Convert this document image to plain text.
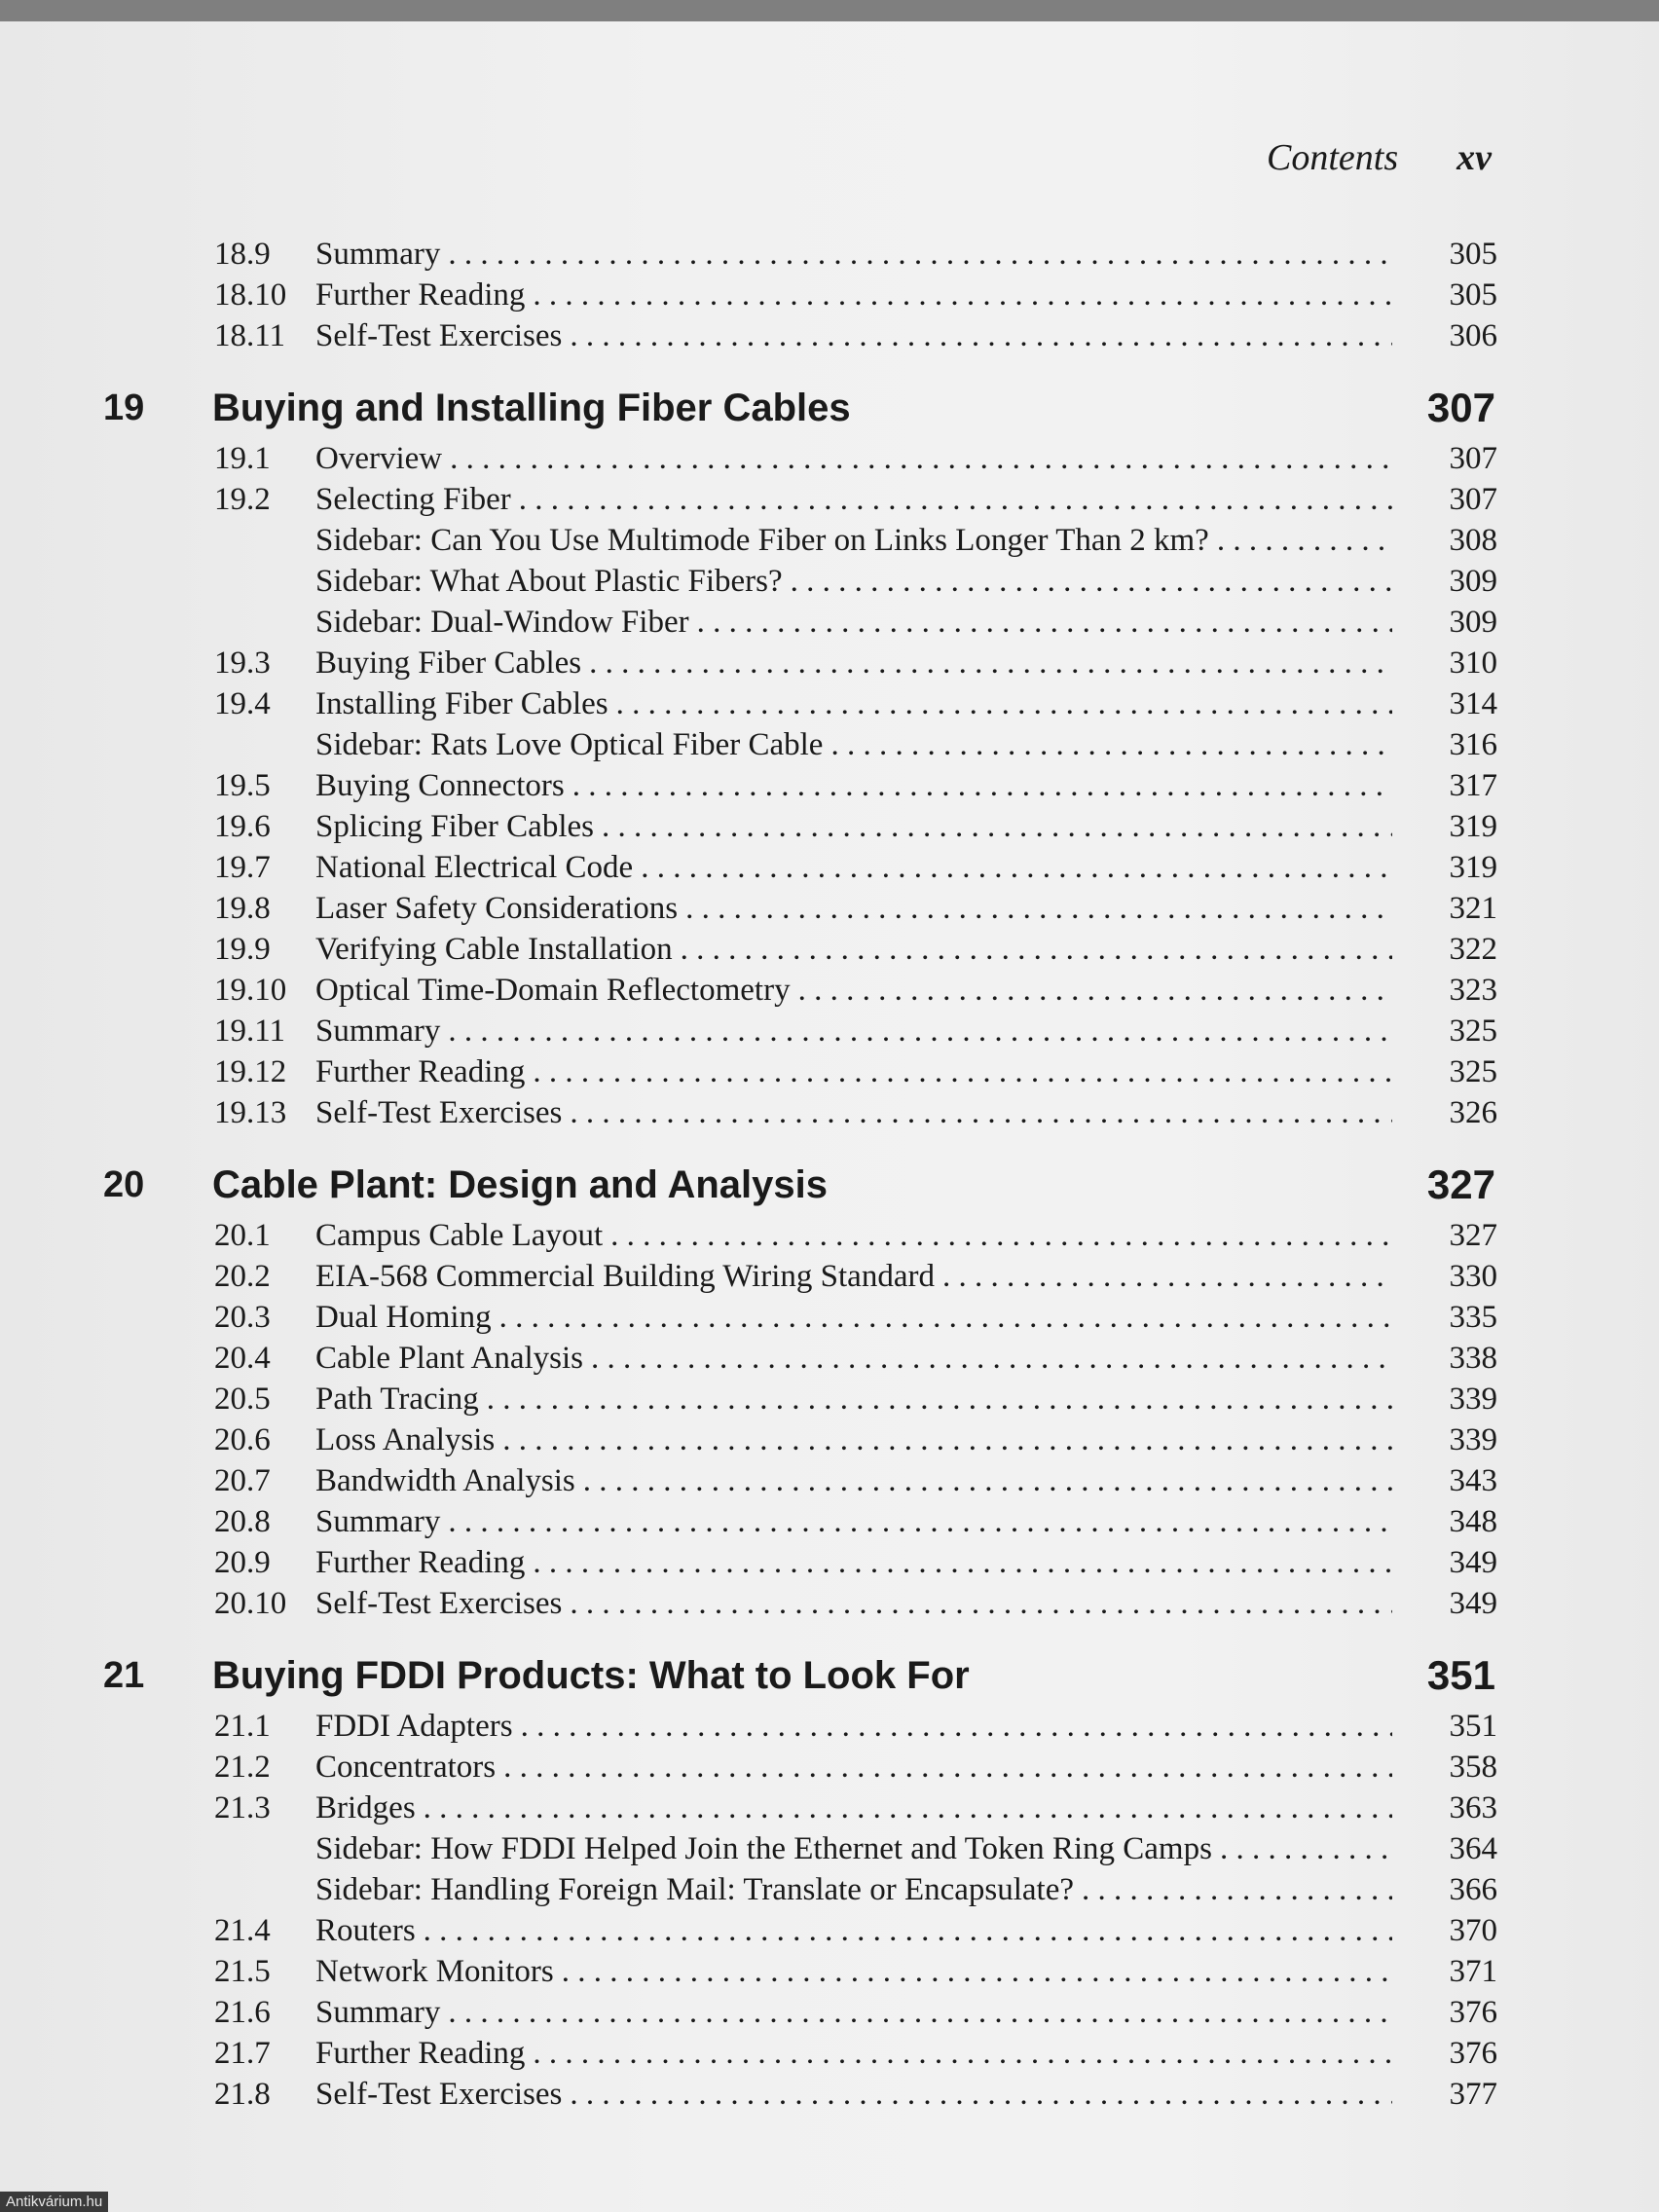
Contents xv
18.9 Summary . . .	305
18.10 Further Reading . . .	305
18.11 Self-Test Exercises . . .	306
19 Buying and Installing Fiber Cables	307
19.1 Overview . . .	307
19.2 Selecting Fiber . . .	307
Sidebar: Can You Use Multimode Fiber on Links Longer Than 2 km? . . .	308
Sidebar: What About Plastic Fibers? . . .	309
Sidebar: Dual-Window Fiber . . .	309
19.3 Buying Fiber Cables . . .	310
19.4 Installing Fiber Cables . . .	314
Sidebar: Rats Love Optical Fiber Cable . . .	316
19.5 Buying Connectors . . .	317
19.6 Splicing Fiber Cables . . .	319
19.7 National Electrical Code . . .	319
19.8 Laser Safety Considerations . . .	321
19.9 Verifying Cable Installation . . .	322
19.10 Optical Time-Domain Reflectometry . . .	323
19.11 Summary . . .	325
19.12 Further Reading . . .	325
19.13 Self-Test Exercises . . .	326
20 Cable Plant: Design and Analysis	327
20.1 Campus Cable Layout . . .	327
20.2 EIA-568 Commercial Building Wiring Standard . . .	330
20.3 Dual Homing . . .	335
20.4 Cable Plant Analysis . . .	338
20.5 Path Tracing . . .	339
20.6 Loss Analysis . . .	339
20.7 Bandwidth Analysis . . .	343
20.8 Summary . . .	348
20.9 Further Reading . . .	349
20.10 Self-Test Exercises . . .	349
21 Buying FDDI Products: What to Look For	351
21.1 FDDI Adapters . . .	351
21.2 Concentrators . . .	358
21.3 Bridges . . .	363
Sidebar: How FDDI Helped Join the Ethernet and Token Ring Camps . . .	364
Sidebar: Handling Foreign Mail: Translate or Encapsulate? . . .	366
21.4 Routers . . .	370
21.5 Network Monitors . . .	371
21.6 Summary . . .	376
21.7 Further Reading . . .	376
21.8 Self-Test Exercises . . .	377
Antikvárium.hu
